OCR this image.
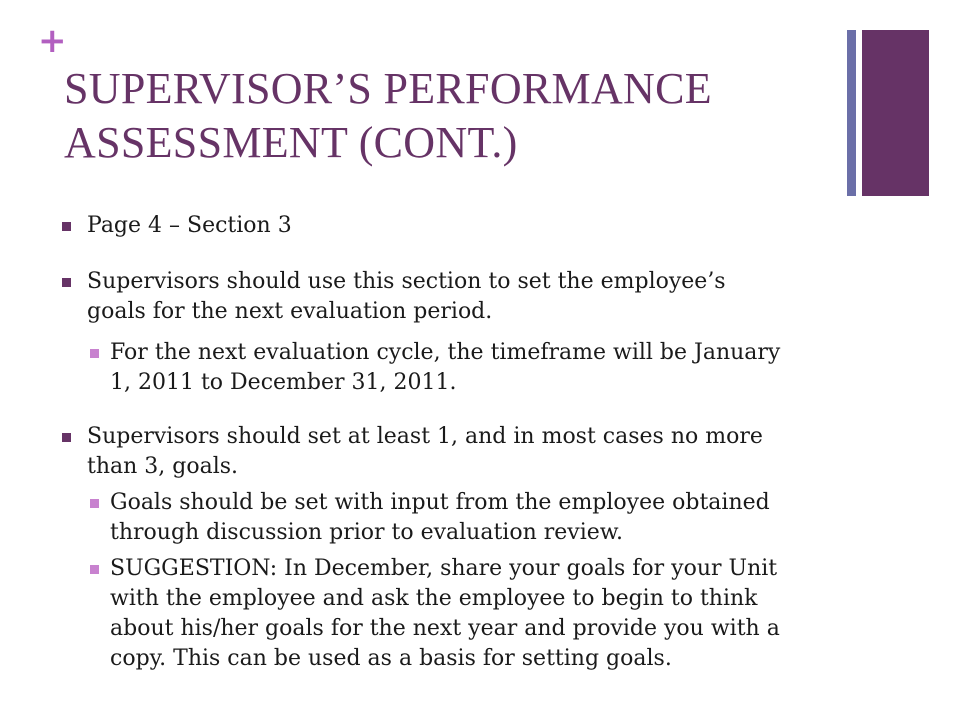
+
SUPERVISOR’S PERFORMANCE
ASSESSMENT (CONT.)
Page 4 – Section 3
Supervisors should use this section to set the employee’s
goals for the next evaluation period.
For the next evaluation cycle, the timeframe will be January
1, 2011 to December 31, 2011.
Supervisors should set at least 1, and in most cases no more
than 3, goals.
Goals should be set with input from the employee obtained
through discussion prior to evaluation review.
SUGGESTION: In December, share your goals for your Unit
with the employee and ask the employee to begin to think
about his/her goals for the next year and provide you with a
copy. This can be used as a basis for setting goals.
